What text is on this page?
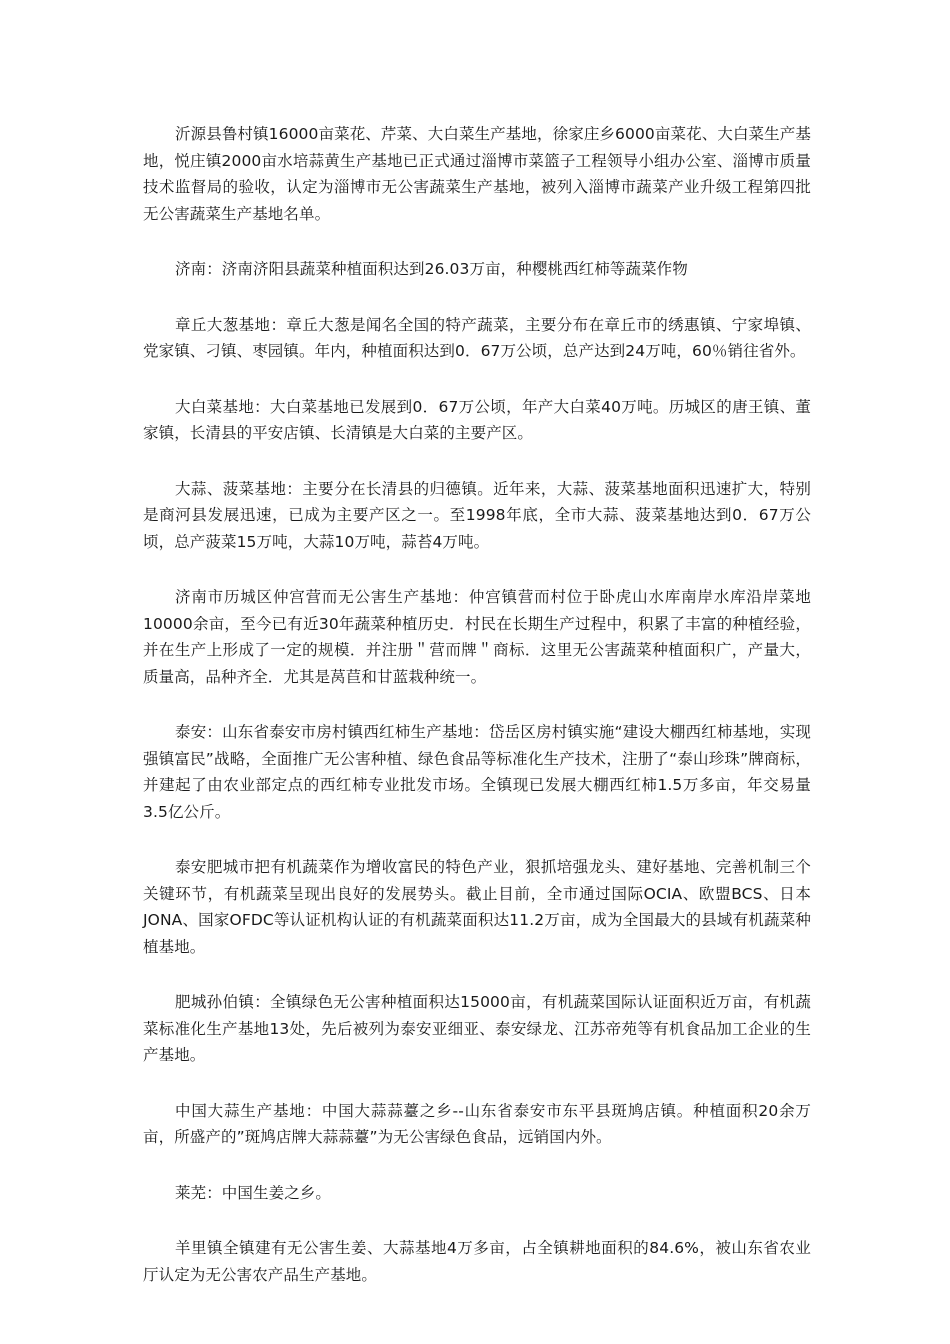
沂源县鲁村镇16000亩菜花、芹菜、大白菜生产基地，徐家庄乡6000亩菜花、大白菜生产基地，悦庄镇2000亩水培蒜黄生产基地已正式通过淄博市菜篮子工程领导小组办公室、淄博市质量技术监督局的验收，认定为淄博市无公害蔬菜生产基地，被列入淄博市蔬菜产业升级工程第四批无公害蔬菜生产基地名单。

济南：济南济阳县蔬菜种植面积达到26.03万亩，种樱桃西红柿等蔬菜作物

章丘大葱基地：章丘大葱是闻名全国的特产蔬菜，主要分布在章丘市的绣惠镇、宁家埠镇、党家镇、刁镇、枣园镇。年内，种植面积达到0．67万公顷，总产达到24万吨，60％销往省外。

大白菜基地：大白菜基地已发展到0．67万公顷，年产大白菜40万吨。历城区的唐王镇、董家镇，长清县的平安店镇、长清镇是大白菜的主要产区。

大蒜、菠菜基地：主要分在长清县的归德镇。近年来，大蒜、菠菜基地面积迅速扩大，特别是商河县发展迅速，已成为主要产区之一。至1998年底，全市大蒜、菠菜基地达到0．67万公顷，总产菠菜15万吨，大蒜10万吨，蒜苔4万吨。

济南市历城区仲宫营而无公害生产基地：仲宫镇营而村位于卧虎山水库南岸水库沿岸菜地10000余亩，至今已有近30年蔬菜种植历史．村民在长期生产过程中，积累了丰富的种植经验，并在生产上形成了一定的规模．并注册＂营而牌＂商标．这里无公害蔬菜种植面积广，产量大，质量高，品种齐全．尤其是莴苣和甘蓝栽种统一。

泰安：山东省泰安市房村镇西红柿生产基地：岱岳区房村镇实施“建设大棚西红柿基地，实现强镇富民”战略，全面推广无公害种植、绿色食品等标准化生产技术，注册了“泰山珍珠”牌商标，并建起了由农业部定点的西红柿专业批发市场。全镇现已发展大棚西红柿1.5万多亩，年交易量3.5亿公斤。

泰安肥城市把有机蔬菜作为增收富民的特色产业，狠抓培强龙头、建好基地、完善机制三个关键环节，有机蔬菜呈现出良好的发展势头。截止目前，全市通过国际OCIA、欧盟BCS、日本JONA、国家OFDC等认证机构认证的有机蔬菜面积达11.2万亩，成为全国最大的县域有机蔬菜种植基地。

肥城孙伯镇：全镇绿色无公害种植面积达15000亩，有机蔬菜国际认证面积近万亩，有机蔬菜标准化生产基地13处，先后被列为泰安亚细亚、泰安绿龙、江苏帝苑等有机食品加工企业的生产基地。

中国大蒜生产基地：中国大蒜蒜薹之乡--山东省泰安市东平县斑鸠店镇。种植面积20余万亩，所盛产的”斑鸠店牌大蒜蒜薹”为无公害绿色食品，远销国内外。

莱芜：中国生姜之乡。

羊里镇全镇建有无公害生姜、大蒜基地4万多亩，占全镇耕地面积的84.6%，被山东省农业厅认定为无公害农产品生产基地。
